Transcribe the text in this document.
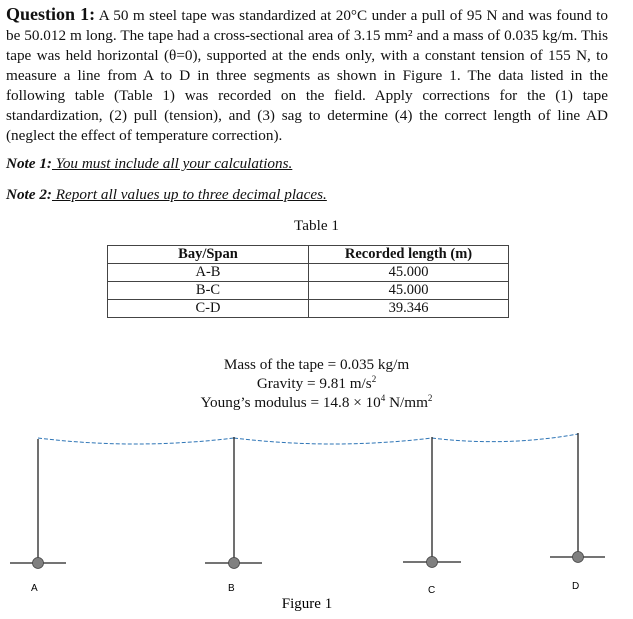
Question 1: A 50 m steel tape was standardized at 20°C under a pull of 95 N and was found to be 50.012 m long. The tape had a cross-sectional area of 3.15 mm² and a mass of 0.035 kg/m. This tape was held horizontal (θ=0), supported at the ends only, with a constant tension of 155 N, to measure a line from A to D in three segments as shown in Figure 1. The data listed in the following table (Table 1) was recorded on the field. Apply corrections for the (1) tape standardization, (2) pull (tension), and (3) sag to determine (4) the correct length of line AD (neglect the effect of temperature correction).
Note 1: You must include all your calculations.
Note 2: Report all values up to three decimal places.
Table 1
Bay/Span	Recorded length (m)
A-B	45.000
B-C	45.000
C-D	39.346
Mass of the tape = 0.035 kg/m
Gravity = 9.81 $m/s^2$
Young’s modulus = $14.8 \times 10^4$ $N/mm^2$
A	B	C	D
Figure 1
